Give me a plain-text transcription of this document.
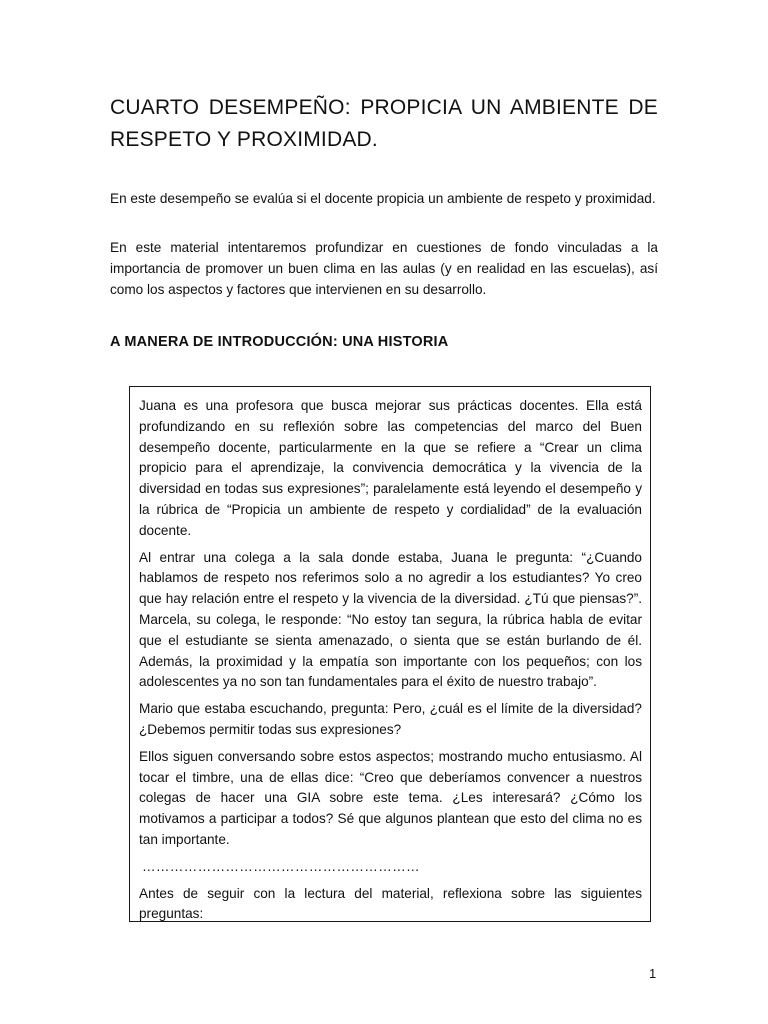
CUARTO DESEMPEÑO: PROPICIA UN AMBIENTE DE RESPETO Y PROXIMIDAD.

En este desempeño se evalúa si el docente propicia un ambiente de respeto y proximidad.

En este material intentaremos profundizar en cuestiones de fondo vinculadas a la importancia de promover un buen clima en las aulas (y en realidad en las escuelas), así como los aspectos y factores que intervienen en su desarrollo.

A MANERA DE INTRODUCCIÓN: UNA HISTORIA

Juana es una profesora que busca mejorar sus prácticas docentes. Ella está profundizando en su reflexión sobre las competencias del marco del Buen desempeño docente, particularmente en la que se refiere a “Crear un clima propicio para el aprendizaje, la convivencia democrática y la vivencia de la diversidad en todas sus expresiones”; paralelamente está leyendo el desempeño y la rúbrica de “Propicia un ambiente de respeto y cordialidad” de la evaluación docente.

Al entrar una colega a la sala donde estaba, Juana le pregunta: “¿Cuando hablamos de respeto nos referimos solo a no agredir a los estudiantes? Yo creo que hay relación entre el respeto y la vivencia de la diversidad. ¿Tú que piensas?”. Marcela, su colega, le responde: “No estoy tan segura, la rúbrica habla de evitar que el estudiante se sienta amenazado, o sienta que se están burlando de él. Además, la proximidad y la empatía son importante con los pequeños; con los adolescentes ya no son tan fundamentales para el éxito de nuestro trabajo”.

Mario que estaba escuchando, pregunta: Pero, ¿cuál es el límite de la diversidad? ¿Debemos permitir todas sus expresiones?

Ellos siguen conversando sobre estos aspectos; mostrando mucho entusiasmo. Al tocar el timbre, una de ellas dice: “Creo que deberíamos convencer a nuestros colegas de hacer una GIA sobre este tema. ¿Les interesará? ¿Cómo los motivamos a participar a todos? Sé que algunos plantean que esto del clima no es tan importante.

……………………………………………………

Antes de seguir con la lectura del material, reflexiona sobre las siguientes preguntas:

1
